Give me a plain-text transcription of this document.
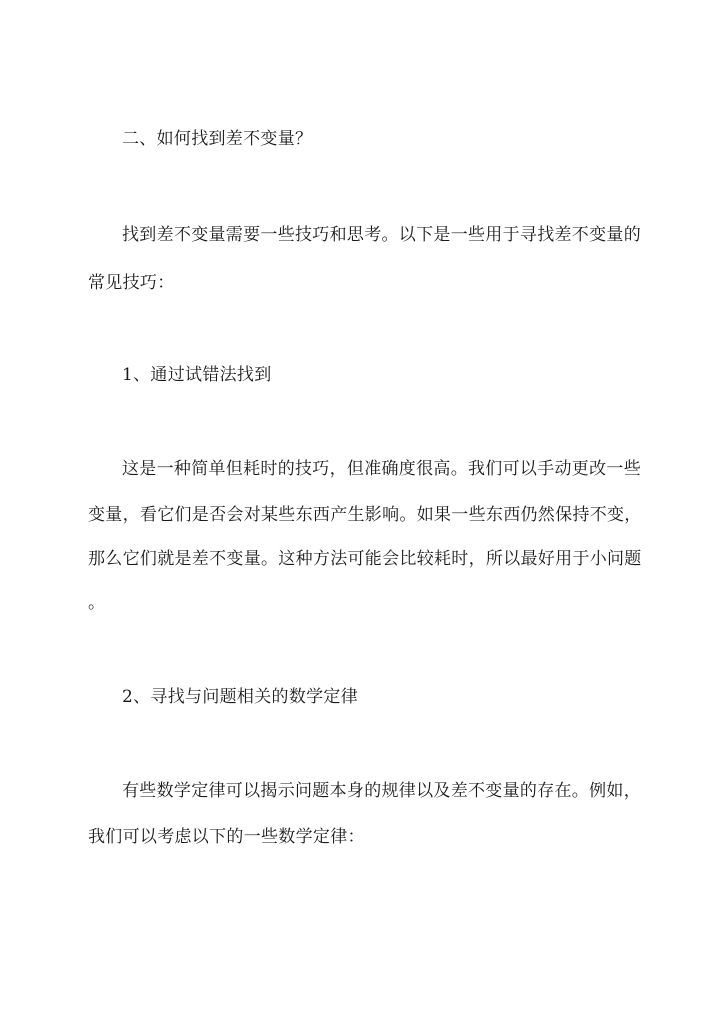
二、如何找到差不变量？
找到差不变量需要一些技巧和思考。以下是一些用于寻找差不变量的
常见技巧：
1、通过试错法找到
这是一种简单但耗时的技巧，但准确度很高。我们可以手动更改一些
变量，看它们是否会对某些东西产生影响。如果一些东西仍然保持不变，
那么它们就是差不变量。这种方法可能会比较耗时，所以最好用于小问题
。
2、寻找与问题相关的数学定律
有些数学定律可以揭示问题本身的规律以及差不变量的存在。例如，
我们可以考虑以下的一些数学定律：
